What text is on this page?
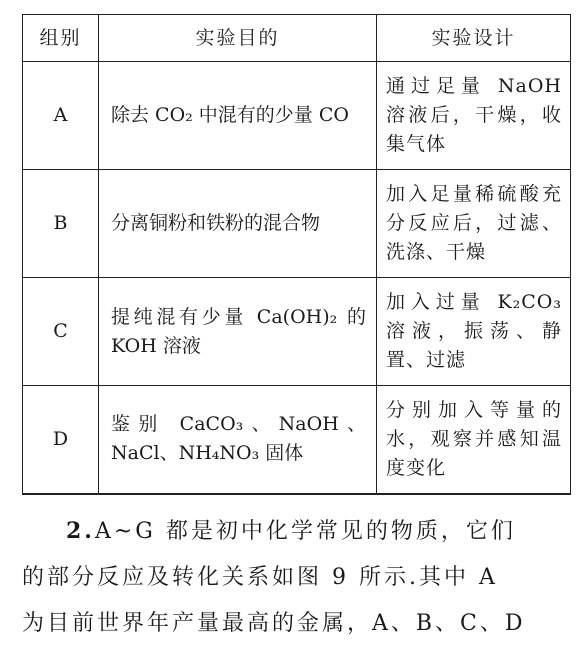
组别	实验目的	实验设计
A	除去 CO₂ 中混有的少量 CO	通过足量 NaOH 溶液后，干燥，收集气体
B	分离铜粉和铁粉的混合物	加入足量稀硫酸充分反应后，过滤、洗涤、干燥
C	提纯混有少量 Ca(OH)₂ 的 KOH 溶液	加入过量 K₂CO₃ 溶液，振荡、静置、过滤
D	鉴别 CaCO₃、NaOH、NaCl、NH₄NO₃ 固体	分别加入等量的水，观察并感知温度变化
2.A~G 都是初中化学常见的物质，它们
的部分反应及转化关系如图 9 所示.其中 A
为目前世界年产量最高的金属，A、B、C、D
